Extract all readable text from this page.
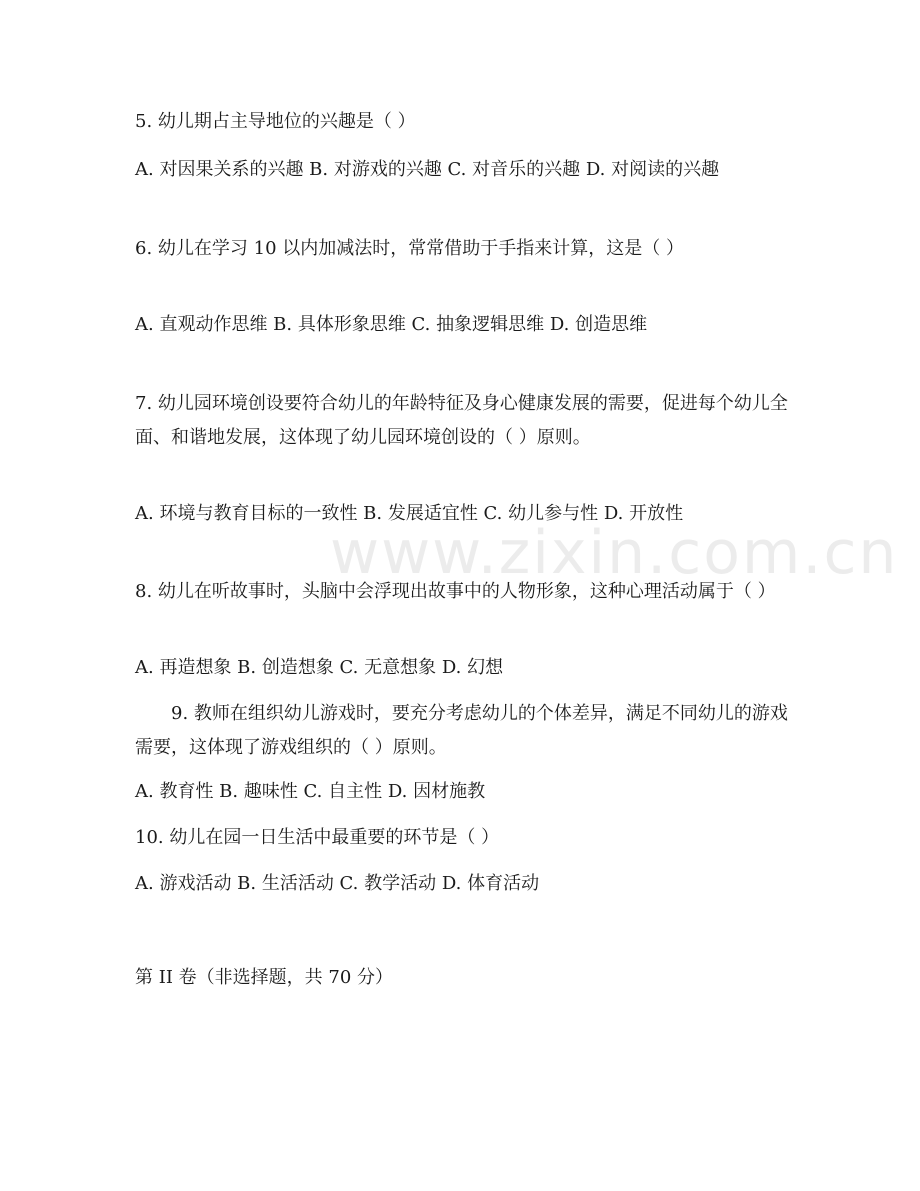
www.zixin.com.cn
5. 幼儿期占主导地位的兴趣是（ ）
A. 对因果关系的兴趣 B. 对游戏的兴趣 C. 对音乐的兴趣 D. 对阅读的兴趣
6. 幼儿在学习 10 以内加减法时，常常借助于手指来计算，这是（ ）
A. 直观动作思维 B. 具体形象思维 C. 抽象逻辑思维 D. 创造思维
7. 幼儿园环境创设要符合幼儿的年龄特征及身心健康发展的需要，促进每个幼儿全面、和谐地发展，这体现了幼儿园环境创设的（ ）原则。
A. 环境与教育目标的一致性 B. 发展适宜性 C. 幼儿参与性 D. 开放性
8. 幼儿在听故事时，头脑中会浮现出故事中的人物形象，这种心理活动属于（ ）
A. 再造想象 B. 创造想象 C. 无意想象 D. 幻想
9. 教师在组织幼儿游戏时，要充分考虑幼儿的个体差异，满足不同幼儿的游戏需要，这体现了游戏组织的（ ）原则。
A. 教育性 B. 趣味性 C. 自主性 D. 因材施教
10. 幼儿在园一日生活中最重要的环节是（ ）
A. 游戏活动 B. 生活活动 C. 教学活动 D. 体育活动
第 II 卷（非选择题，共 70 分）
